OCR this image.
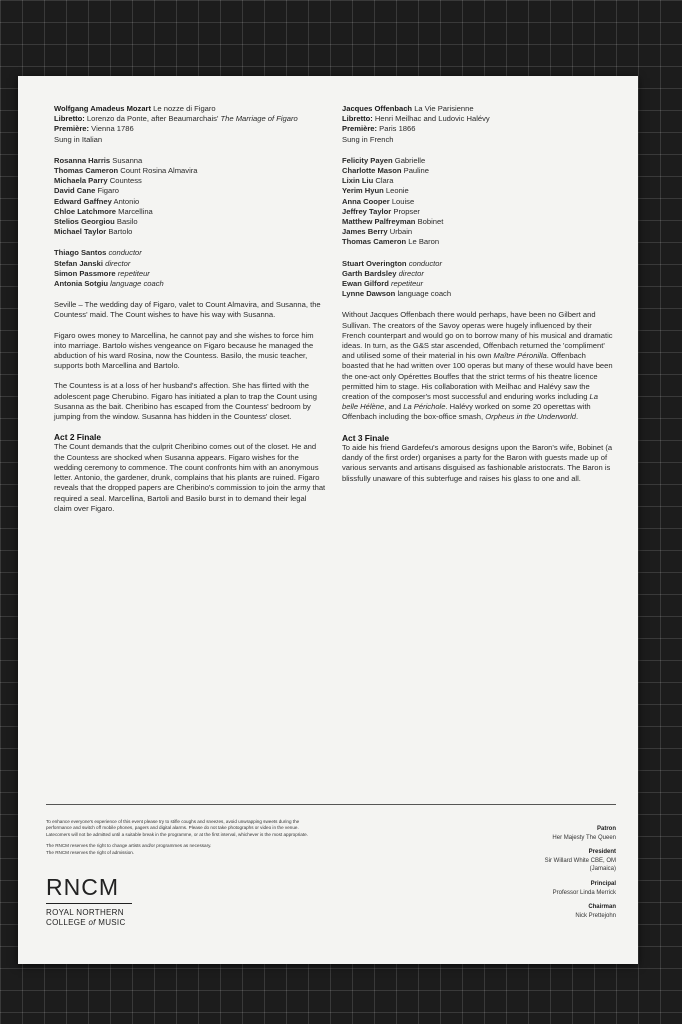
Wolfgang Amadeus Mozart Le nozze di Figaro
Libretto: Lorenzo da Ponte, after Beaumarchais' The Marriage of Figaro
Première: Vienna 1786
Sung in Italian
Rosanna Harris Susanna
Thomas Cameron Count Rosina Almavira
Michaela Parry Countess
David Cane Figaro
Edward Gaffney Antonio
Chloe Latchmore Marcellina
Stelios Georgiou Basilo
Michael Taylor Bartolo
Thiago Santos conductor
Stefan Janski director
Simon Passmore repetiteur
Antonia Sotgiu language coach

Seville – The wedding day of Figaro, valet to Count Almavira, and Susanna, the Countess' maid. The Count wishes to have his way with Susanna.

Figaro owes money to Marcellina, he cannot pay and she wishes to force him into marriage. Bartolo wishes vengeance on Figaro because he managed the abduction of his ward Rosina, now the Countess. Basilo, the music teacher, supports both Marcellina and Bartolo.

The Countess is at a loss of her husband's affection. She has flirted with the adolescent page Cherubino. Figaro has initiated a plan to trap the Count using Susanna as the bait. Cheribino has escaped from the Countess' bedroom by jumping from the window. Susanna has hidden in the Countess' closet.

Act 2 Finale

The Count demands that the culprit Cheribino comes out of the closet. He and the Countess are shocked when Susanna appears. Figaro wishes for the wedding ceremony to commence. The count confronts him with an anonymous letter. Antonio, the gardener, drunk, complains that his plants are ruined. Figaro reveals that the dropped papers are Cheribino's commission to join the army that required a seal. Marcellina, Bartoli and Basilo burst in to demand their legal claim over Figaro.

Jacques Offenbach La Vie Parisienne
Libretto: Henri Meilhac and Ludovic Halévy
Première: Paris 1866
Sung in French
Felicity Payen Gabrielle
Charlotte Mason Pauline
Lixin Liu Clara
Yerim Hyun Leonie
Anna Cooper Louise
Jeffrey Taylor Propser
Matthew Palfreyman Bobinet
James Berry Urbain
Thomas Cameron Le Baron
Stuart Overington conductor
Garth Bardsley director
Ewan Gilford repetiteur
Lynne Dawson language coach

Without Jacques Offenbach there would perhaps, have been no Gilbert and Sullivan. The creators of the Savoy operas were hugely influenced by their French counterpart and would go on to borrow many of his musical and dramatic ideas. In turn, as the G&S star ascended, Offenbach returned the 'compliment' and utilised some of their material in his own Maître Péronilla. Offenbach boasted that he had written over 100 operas but many of these would have been the one-act only Opérettes Bouffes that the strict terms of his theatre licence permitted him to stage. His collaboration with Meilhac and Halévy saw the creation of the composer's most successful and enduring works including La belle Hélène, and La Périchole. Halévy worked on some 20 operettas with Offenbach including the box-office smash, Orpheus in the Underworld.

Act 3 Finale

To aide his friend Gardefeu's amorous designs upon the Baron's wife, Bobinet (a dandy of the first order) organises a party for the Baron with guests made up of various servants and artisans disguised as fashionable aristocrats. The Baron is blissfully unaware of this subterfuge and raises his glass to one and all.

To enhance everyone's experience of this event please try to stifle coughs and sneezes, avoid unwrapping sweets during the
performance and switch off mobile phones, pagers and digital alarms. Please do not take photographs or video in the venue.
Latecomers will not be admitted until a suitable break in the programme, or at the first interval, whichever is the most appropriate.
The RNCM reserves the right to change artists and/or programmes as necessary.
The RNCM reserves the right of admission.
RNCM
ROYAL NORTHERN
COLLEGE of MUSIC
Patron
Her Majesty The Queen
President
Sir Willard White CBE, OM
(Jamaica)
Principal
Professor Linda Merrick
Chairman
Nick Prettejohn
